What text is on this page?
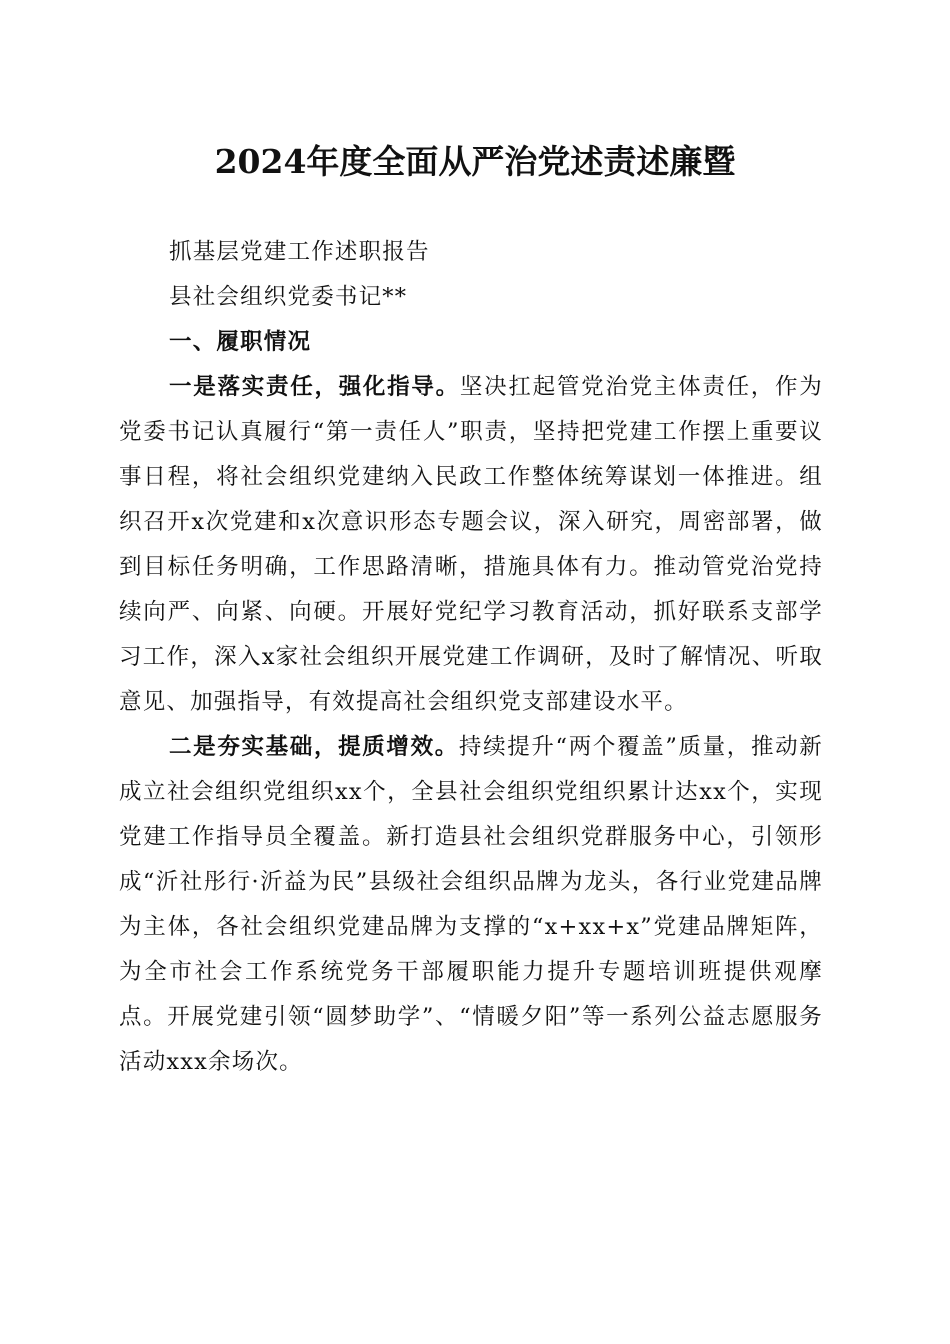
2024年度全面从严治党述责述廉暨

抓基层党建工作述职报告

县社会组织党委书记**

一、履职情况

一是落实责任，强化指导。坚决扛起管党治党主体责任，作为党委书记认真履行“第一责任人”职责，坚持把党建工作摆上重要议事日程，将社会组织党建纳入民政工作整体统筹谋划一体推进。组织召开x次党建和x次意识形态专题会议，深入研究，周密部署，做到目标任务明确，工作思路清晰，措施具体有力。推动管党治党持续向严、向紧、向硬。开展好党纪学习教育活动，抓好联系支部学习工作，深入x家社会组织开展党建工作调研，及时了解情况、听取意见、加强指导，有效提高社会组织党支部建设水平。

二是夯实基础，提质增效。持续提升“两个覆盖”质量，推动新成立社会组织党组织xx个，全县社会组织党组织累计达xx个，实现党建工作指导员全覆盖。新打造县社会组织党群服务中心，引领形成“沂社彤行·沂益为民”县级社会组织品牌为龙头，各行业党建品牌为主体，各社会组织党建品牌为支撑的“x+xx+x”党建品牌矩阵，为全市社会工作系统党务干部履职能力提升专题培训班提供观摩点。开展党建引领“圆梦助学”、“情暖夕阳”等一系列公益志愿服务活动xxx余场次。
